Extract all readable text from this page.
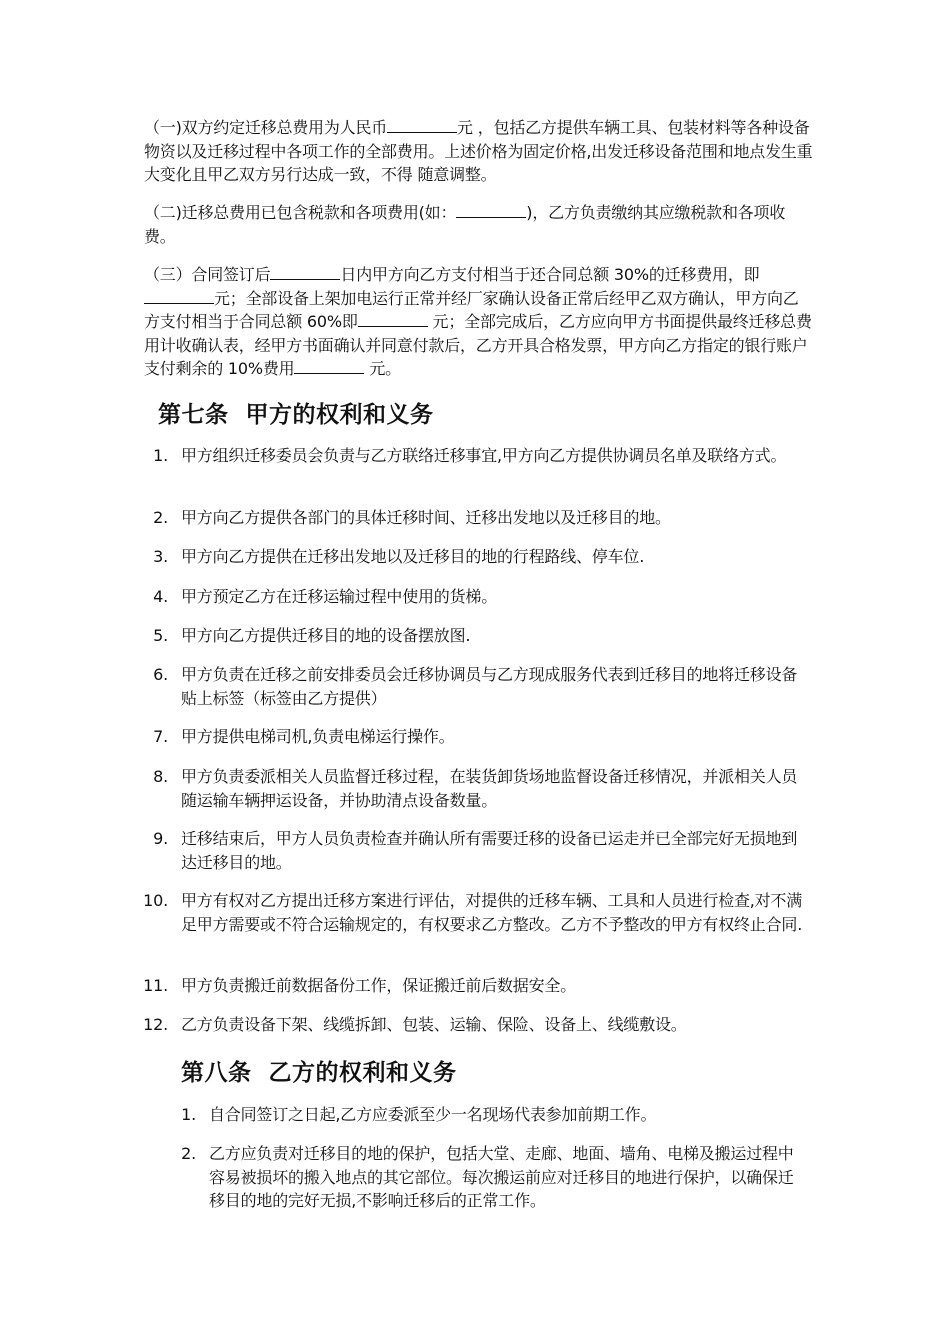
（一)双方约定迁移总费用为人民币	元 ，包括乙方提供车辆工具、包装材料等各种设备物资以及迁移过程中各项工作的全部费用。上述价格为固定价格,出发迁移设备范围和地点发生重大变化且甲乙双方另行达成一致，不得 随意调整。

（二)迁移总费用已包含税款和各项费用(如：	)，乙方负责缴纳其应缴税款和各项收费。

（三）合同签订后	日内甲方向乙方支付相当于还合同总额 30%的迁移费用，即元；全部设备上架加电运行正常并经厂家确认设备正常后经甲乙双方确认，甲方向乙方支付相当于合同总额 60%即	元；全部完成后，乙方应向甲方书面提供最终迁移总费用计收确认表，经甲方书面确认并同意付款后，乙方开具合格发票，甲方向乙方指定的银行账户支付剩余的 10%费用	元。

第七条  甲方的权利和义务
1. 甲方组织迁移委员会负责与乙方联络迁移事宜,甲方向乙方提供协调员名单及联络方式。
2. 甲方向乙方提供各部门的具体迁移时间、迁移出发地以及迁移目的地。
3. 甲方向乙方提供在迁移出发地以及迁移目的地的行程路线、停车位.
4. 甲方预定乙方在迁移运输过程中使用的货梯。
5. 甲方向乙方提供迁移目的地的设备摆放图.
6. 甲方负责在迁移之前安排委员会迁移协调员与乙方现成服务代表到迁移目的地将迁移设备贴上标签（标签由乙方提供）
7. 甲方提供电梯司机,负责电梯运行操作。
8. 甲方负责委派相关人员监督迁移过程，在装货卸货场地监督设备迁移情况，并派相关人员随运输车辆押运设备，并协助清点设备数量。
9. 迁移结束后，甲方人员负责检查并确认所有需要迁移的设备已运走并已全部完好无损地到达迁移目的地。
10. 甲方有权对乙方提出迁移方案进行评估，对提供的迁移车辆、工具和人员进行检查,对不满足甲方需要或不符合运输规定的，有权要求乙方整改。乙方不予整改的甲方有权终止合同.
11. 甲方负责搬迁前数据备份工作，保证搬迁前后数据安全。
12. 乙方负责设备下架、线缆拆卸、包装、运输、保险、设备上、线缆敷设。
第八条  乙方的权利和义务
1. 自合同签订之日起,乙方应委派至少一名现场代表参加前期工作。
2. 乙方应负责对迁移目的地的保护，包括大堂、走廊、地面、墙角、电梯及搬运过程中容易被损坏的搬入地点的其它部位。每次搬运前应对迁移目的地进行保护，以确保迁移目的地的完好无损,不影响迁移后的正常工作。
